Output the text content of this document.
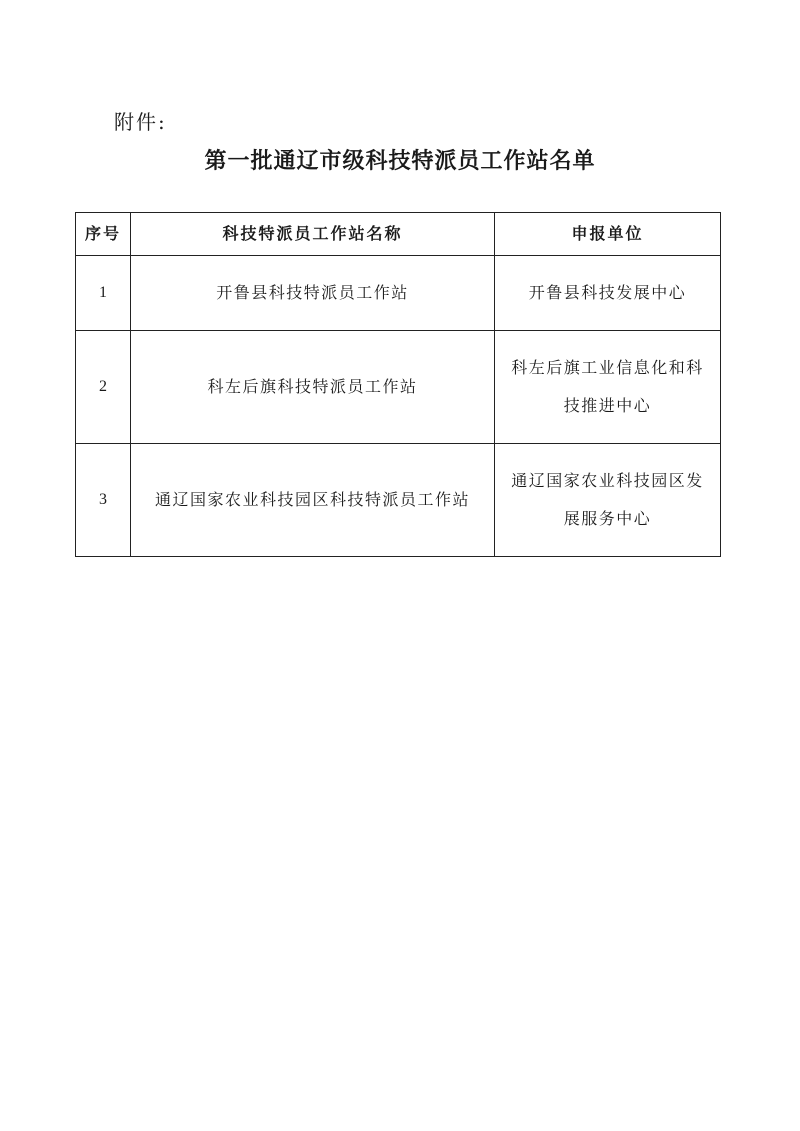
附件:
第一批通辽市级科技特派员工作站名单
序号	科技特派员工作站名称	申报单位
1	开鲁县科技特派员工作站	开鲁县科技发展中心
2	科左后旗科技特派员工作站	科左后旗工业信息化和科技推进中心
3	通辽国家农业科技园区科技特派员工作站	通辽国家农业科技园区发展服务中心
